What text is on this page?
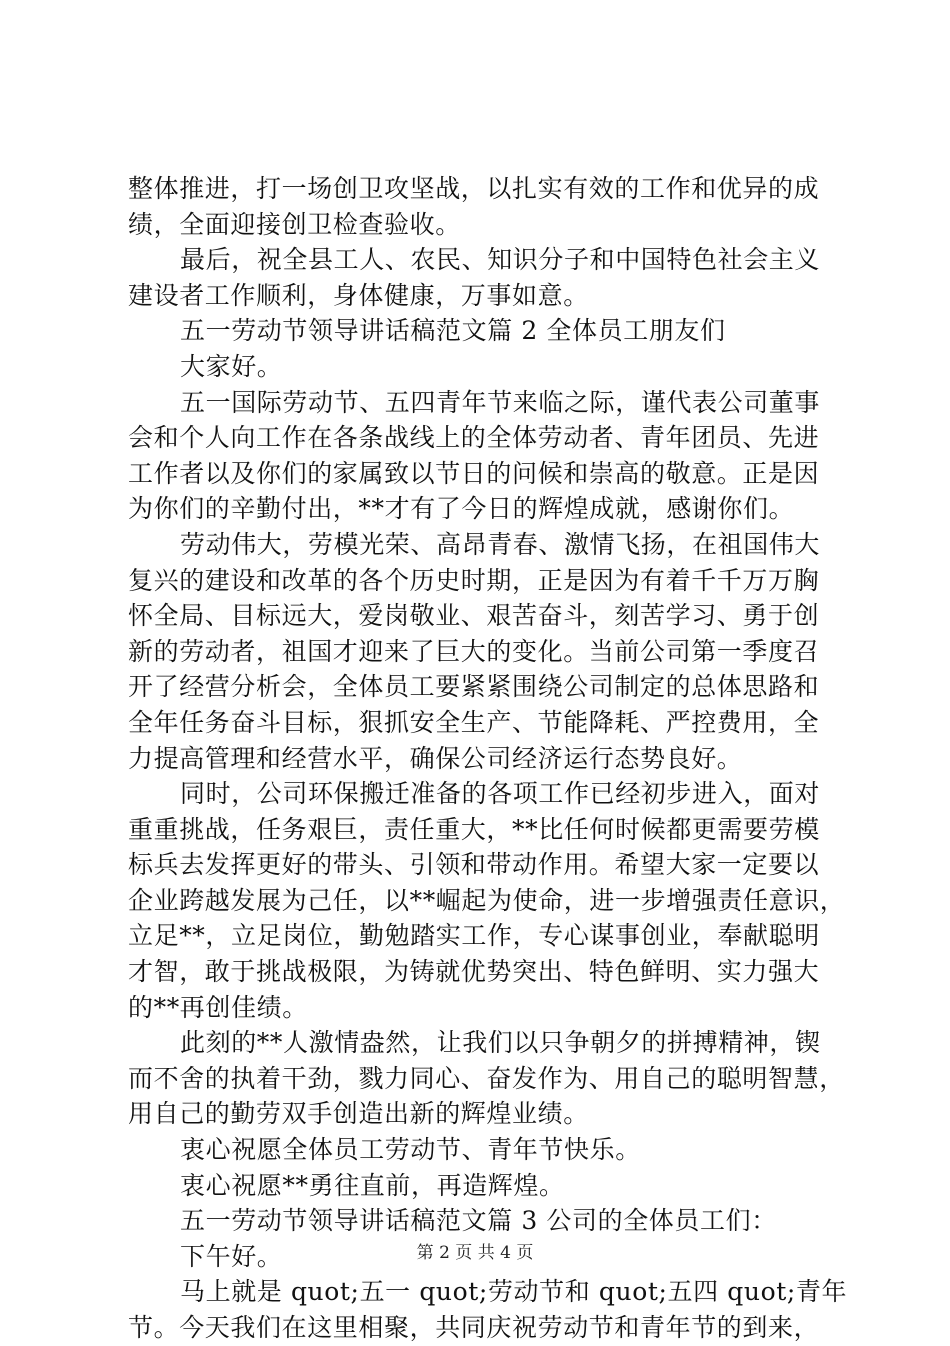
整体推进，打一场创卫攻坚战，以扎实有效的工作和优异的成
绩，全面迎接创卫检查验收。
最后，祝全县工人、农民、知识分子和中国特色社会主义
建设者工作顺利，身体健康，万事如意。
五一劳动节领导讲话稿范文篇 2 全体员工朋友们
大家好。
五一国际劳动节、五四青年节来临之际，谨代表公司董事
会和个人向工作在各条战线上的全体劳动者、青年团员、先进
工作者以及你们的家属致以节日的问候和崇高的敬意。正是因
为你们的辛勤付出，**才有了今日的辉煌成就，感谢你们。
劳动伟大，劳模光荣、高昂青春、激情飞扬，在祖国伟大
复兴的建设和改革的各个历史时期，正是因为有着千千万万胸
怀全局、目标远大，爱岗敬业、艰苦奋斗，刻苦学习、勇于创
新的劳动者，祖国才迎来了巨大的变化。当前公司第一季度召
开了经营分析会，全体员工要紧紧围绕公司制定的总体思路和
全年任务奋斗目标，狠抓安全生产、节能降耗、严控费用，全
力提高管理和经营水平，确保公司经济运行态势良好。
同时，公司环保搬迁准备的各项工作已经初步进入，面对
重重挑战，任务艰巨，责任重大，**比任何时候都更需要劳模
标兵去发挥更好的带头、引领和带动作用。希望大家一定要以
企业跨越发展为己任，以**崛起为使命，进一步增强责任意识，
立足**，立足岗位，勤勉踏实工作，专心谋事创业，奉献聪明
才智，敢于挑战极限，为铸就优势突出、特色鲜明、实力强大
的**再创佳绩。
此刻的**人激情盎然，让我们以只争朝夕的拼搏精神，锲
而不舍的执着干劲，戮力同心、奋发作为、用自己的聪明智慧，
用自己的勤劳双手创造出新的辉煌业绩。
衷心祝愿全体员工劳动节、青年节快乐。
衷心祝愿**勇往直前，再造辉煌。
五一劳动节领导讲话稿范文篇 3 公司的全体员工们：
下午好。
马上就是 quot;五一 quot;劳动节和 quot;五四 quot;青年
节。今天我们在这里相聚，共同庆祝劳动节和青年节的到来，
第 2 页 共 4 页
